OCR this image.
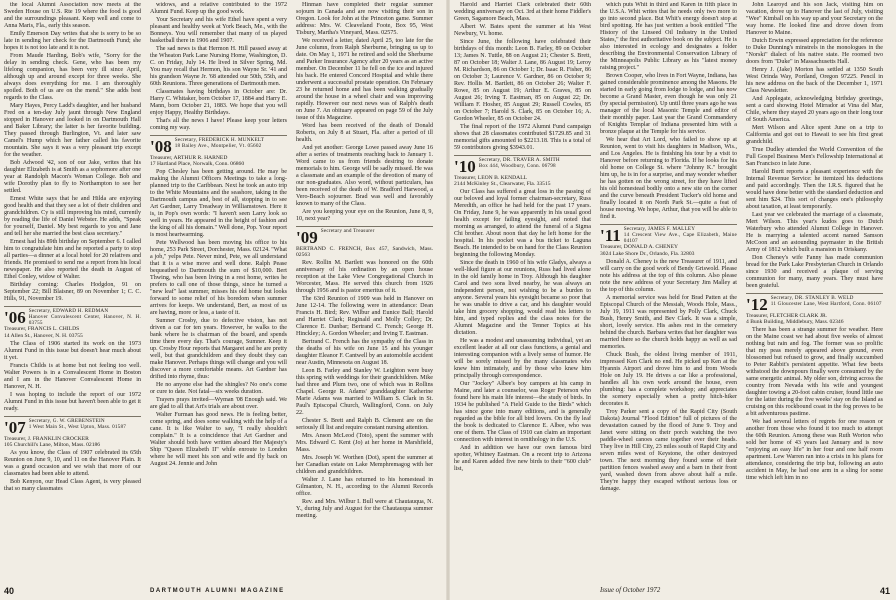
the local Alumni Association now meets at the Sweden House on U.S. Rte 19 where the food is good and the surroundings pleasant. Keep well and come to Anna Maris, Fla., early this season.

Emily Emerson Day writes that she is sorry to be so late in sending her check for the Dartmouth Fund; she hopes it is not too late and it is not.

From Maude Harding, Bob's wife, "Sorry for the delay in sending check. Gene, who has been my lifelong companion, has been very ill since April, although up and around except for three weeks. She always does everything for me. I am thoroughly spoiled. Both of us are on the mend." She adds best regards to the Class.

Mary Hayes, Percy Ladd's daughter, and her husband Fred on a ten-day July jaunt through New England stopped in Hanover and looked in on Dartmouth Hall and Baker Library; the latter is her favorite building. They passed through Burlington, Vt. and later saw Camel's Hump which her father called his favorite mountain. She says it was a very pleasant trip except for the weather.

Bob Adwood '42, son of our Jake, writes that his daughter Elizabeth is at Smith as a sophomore after one year at Randolph Macon's Woman College. Bob and wife Dorothy plan to fly to Northampton to see her settled.

Ernest White says that he and Hilda are enjoying good health and that they see a lot of their children and grandchildren. Cy is still improving his mind, currently by reading the life of Daniel Webster. He adds, "Speak for yourself, Daniel. My best regards to you and Jane and tell her she married the best class secretary."

Ernest had his 89th birthday on September 6. I called him to congratulate him and he reported a party to stop all parties—a dinner at a local hotel for 20 relatives and friends. He promised to send me a report from his local newspaper. He also reported the death in August of Ethel Conley, widow of Walter.

Birthday coming: Charles Hodgdon, 91 on September 22; Bill Blaisner, 89 on November 1; C. C. Hills, 91, November 19.

'06 Secretary, EDWARD H. REDMAN
Hanover Convalescent Center, Hanover, N. H. 03755
Treasurer, FRANCIS L. CHILDS
14 Allen St., Hanover, N. H. 03755

The Class of 1906 started its work on the 1973 Alumni Fund in this issue but doesn't hear much about it yet.

Francis Childs is at home but not feeling too well. Walter Powers is in a Convalescent Home in Boston and I am in the Hanover Convalescent Home in Hanover, N. H.

I was hoping to include the report of our 1972 Alumni Fund in this issue but haven't been able to get it ready.

'07 Secretary, G. W. GREBENSTEIN
1 West Main St., West Upton, Mass. 01587
Treasurer, J. FRANKLIN CROCKER
105 Churchill's Lane, Milton, Mass. 02186

As you know, the Class of 1907 celebrated its 65th Reunion on June 9, 10, and 11 on the Hanover Plain. It was a grand occasion and we wish that more of our classmates had been able to attend.

Bob Kenyon, our Head Class Agent, is very pleased that so many classmates

widows, and a relative contributed to the 1972 Alumni Fund. Keep up the good work.

Your Secretary and his wife Ethel have spent a very pleasant and healthy week at York Beach, Me., with the Bonneys. You will remember that many of us played basketball there in 1906 and 1907.

The sad news is that Hermon H. Hill passed away at the Wheaton Park Lane Nursing Home, Washington, D. C. on Friday, July 14. He lived in Silver Spring, Md. You may recall that Hermon, his son Wayne Sr. '41 and his grandson Wayne Jr. '68 attended our 50th, 55th, and 60th Reunions. Three generations of Dartmouth men.

Classmates having birthdays in October are: Dr. Harry C. Whitaker, born October 17, 1884 and Harry E. Mann, born October 21, 1883. We hope that you will enjoy Happy, Healthy Birthdays.

That's all the news I have! Please keep your letters coming my way.

'08 Secretary, FREDERICK H. MUNKELT
18 Bailey Ave., Montpelier, Vt. 05602
Treasurer, ARTHUR R. HARNED
17 Hartland Place, Norwalk, Conn. 06860

Pop Chesley has been getting around. He may be making the Alumni Officers Meetings to take a long-planned trip to the Caribbean. Next he took an auto trip to the White Mountains and the seashore, taking in the Dartmouth campus and, best of all, stopping in to see Art Gardner, Larry Treadway in Williamstown. Here it is, in Pop's own words: "I haven't seen Larry look so well in years. He appeared in the height of fashion and the king of all his domain." Well done, Pop. Your report is most heartwarming.

Pete Wellwood has been moving his office to his home, 253 Park Street, Dorchester, Mass. 02124. "What a job," yelps Pete. Never mind, Pete, we all understand that it is a wise move and well done. Ralph Pease bequeathed to Dartmouth the sum of $10,000. Bert Thwing, who has been living in a rest home, writes he prefers to call one of those things, since he turned a "new leaf" last summer, misses his old home but looks forward to some relief of his boredom when summer arrives for keeps. We understand, Bert, as most of us are having, more or less, a taste of it.

Sumner Crosby, due to defective vision, has not driven a car for ten years. However, he walks to the bank where he is chairman of the board, and spends time there every day. That's courage, Sumner. Keep it up. Crosby Hour reports that Margaret and he are pretty well, but that grandchildren and they doubt they can make Hanover. Perhaps things will change and you will discover a more comfortable means. Art Gardner has drifted into rhyme, thus:

He no anyone else had the shingles? No one's come or cure to date. Not fatal—six weeks duration.

Trayers prays invited—Wyman '08 Enough said. We are glad to all that Art's trials are about over.

Walter Furman has good news. He is feeling better, come spring, and does some walking with the help of a cane. It is like Walter to say, "I really shouldn't complain." It is a coincidence that Art Gardner and Walter should both have written aboard Her Majesty's Ship "Queen Elizabeth II" while enroute to London where he will meet his son and wife and fly back on August 24. Jennie and John

Hinman have completed their regular summer sojourn in Canada and are now visiting their son in Oregon. Look for John at the Princeton game. Summer address: Mrs. W. Cleaveland Foote, Box 95, West Tisbury, Martha's Vineyard, Mass. 02575.

We received a letter, dated April 25, too late for the June column, from Ralph Sherburne, bringing us up to date. On May 1, 1971 he retired and sold the Sherburne and Parker Insurance Agency after 20 years as an active member. On December 11 he fell on the ice and injured his back. He entered Concord Hospital and while there underwent a successful prostate operation. On February 23 he returned home and has been walking gradually around the house in a wheel chair and was improving rapidly. However our next news was of Ralph's death on June 7. An obituary appeared on page 59 of the July issue of this Magazine.

Word has been received of the death of Donald Roberts, on July 8 at Stuart, Fla. after a period of ill health.

And yet another: George Lowe passed away June 16 after a series of treatments reaching back to January 1. Word came to us from friends desiring to donate memorials to him. George will be sadly missed. He was a classmate and an example of the devotion of many of our non-graduates. Also word, without particulars, has been received of the death of W. Bradford Harwood, a Vero-Beach sojourner. Brad was well and favorably known to many of the Class.

Are you keeping your eye on the Reunion, June 8, 9, 10, next year?

'09 Secretary and Treasurer
BERTRAND C. FRENCH, Box 457, Sandwich, Mass. 02563

Rev. Rollin M. Bartlett was honored on the 60th anniversary of his ordination by an open house reception at the Lake View Congregational Church in Worcester, Mass. He served this church from 1926 through 1956 and is pastor emeritus of it.

The 63rd Reunion of 1909 was held in Hanover on June 12-14. The following were in attendance: Dean Francis H. Bird; Rev. Wilbur and Eunice Ball; Harold and Harriet Clark; Reginald and Molly Colley; Dr. Clarence E. Dunbar; Bertrand C. French; George H. Hinckley; A. Gordon Wheeler; and Irving T. Eastman.

Bertrand C. French has the sympathy of the Class in the deaths of his wife on June 15 and his younger daughter Eleanor F. Cantwell by an automobile accident near Austin, Minnesota on August 18.

Leon B. Farley and Stanley W. Leighton were busy this spring with weddings for their grandchildren. Mike had three and Plum two, one of which was in Rollins Chapel. George R. Adams' granddaughter Katherine Marie Adams was married to William S. Clark in St. Paul's Episcopal Church, Wallingford, Conn. on July 22.

Chester S. Brett and Ralph B. Clement are on the seriously ill list and require constant nursing attention.

Mrs. Anson McLeod (Toto), spent the summer with Mrs. Edward C. Kent (Jo) at her home in Marshfield, Mass.

Mrs. Joseph W. Worthen (Dot), spent the summer at her Canadian estate on Lake Memphremagog with her children and grandchildren.

Walter J. Lane has returned to his homestead in Gilmanton, N. H., according to the Alumni Records office.

Rev. and Mrs. Wilbur I. Bull were at Chautauqua, N. Y., during July and August for the Chautauqua summer meeting.

40	DARTMOUTH ALUMNI MAGAZINE

Harold and Harriet Clark celebrated their 60th wedding anniversary on Oct. 3rd at their home Fiddler's Green, Sagamore Beach, Mass.

Albert W. Bates spent the summer at his West Newbury, Vt. home.

Since June, the following have celebrated their birthdays of this month: Leon B. Farley, 89 on October 13; James N. Tuttle, 88 on August 21; Chester S. Brett, 87 on October 18; Walter J. Lane, 86 August 19; Leroy M. Richardson, 86 on October 1; Dr. Isaac R. Fisher, 86 on October 3; Laurence V. Gardner, 86 on October 9; Rev. Hollis M. Bartlett, 86 on October 26; Walter F. Rowe, 85 on August 19; Arthur E. Graves, 85 on August 26; Irving T. Eastman, 85 on August 22; Dr. William F. Hosher, 85 August 29; Russell Cowles, 85 on October 7; Harold S. Clark, 85 on October 16; A. Gordon Wheeler, 85 on October 24.

The final report of the 1972 Alumni Fund campaign shows that 28 classmates contributed $1729.85 and 31 memorial gifts amounted to $2213.18. This is a total of 59 contributors giving $3943.01.

'10 Secretary, DR. TRAVER A. SMITH
Box 444, Woodbury, Conn. 06798
Treasurer, LEON B. KENDALL
2144 McKinley St., Clearwater, Fla. 33515

Our Class has suffered a great loss in the passing of our beloved and loyal former chairman-secretary, Russ Meredith, an office he had held for the past 17 years. On Friday, June 9, he was apparently in his usual good health except for failing eyesight, and noted that morning as arranged, to attend the funeral of a Sigma Chi brother. About noon that day he left home for the hospital. In his pocket was a bus ticket to Laguna Beach. He intended to be on hand for the Class Reunion beginning the following Monday.

Since the death in 1960 of his wife Gladys, always a well-liked figure at our reunions, Russ had lived alone in the old family home in Troy. Although his daughter Carol and two sons lived nearby, he was always an independent person, not wishing to be a burden to anyone. Several years his eyesight became so poor that he was unable to drive a car, and his daughter would take him grocery shopping, would read his letters to him, and typed replies and the class notes for the Alumni Magazine and the Tenner Topics at his dictation.

He was a modest and unassuming individual, yet an excellent leader at all our class functions, a genial and interesting companion with a lively sense of humor. He will be sorely missed by the many classmates who knew him intimately, and by those who knew him principally through correspondence.

Our "Jockey" Albee's boy campers at his camp in Maine, and later a counselor, was Roger Peterson who found here his main life interest—the study of birds. In 1934 he published "A Field Guide to the Birds" which has since gone into many editions, and is generally regarded as the bible for all bird lovers. On the fly leaf the book is dedicated to Clarence E. Albee, who was one of them. The Class of 1910 can claim an important connection with interest in ornithology in the U.S.

And in addition we have our own famous bird spotter, Whitney Eastman. On a recent trip to Arizona he and Karen added five new birds to their "600 club" list,

which puts Whit in third and Karen in fifth place in the U.S.A. Whit writes that he needs only two more to go into second place. But Whit's energy doesn't stop at bird spotting. He has just written a book entitled "The History of the Linseed Oil Industry in the United States," the first authoritative book on the subject. He is also interested in ecology and designates a folder describing the Environmental Conservation Library of the Minneapolis Public Library as his "latest money raising project."

Brown Cooper, who lives in Fort Wayne, Indiana, has gained considerable prominence among the Masons. He started in early going from lodge to lodge, and has now become a Grand Master, even though he was only 21 (by special permission). Up until three years ago he was manager of the local Masonic Temple and editor of their monthly paper. Last year the Grand Commandery of Knights Templar of Indiana presented him with a bronze plaque at the Temple for his service.

We hear that Art Lord, who failed to show up at Reunion, went to visit his daughters in Madison, Wis., and Los Angeles. He is finishing his tour by a visit to Hanover before returning to Florida. If he looks for his old home on College St. where "Johnny K." brought him up, he is in for a surprise, and may wonder whether he has gotten on the wrong street, for they have lifted his old homestead bodily onto a new site on the corner and the curve beneath President Tucker's old home and finally located it on North Park St.—quite a feat of house moving. We hope, Arthur, that you will be able to find it.

'11 Secretary, JAMES F. MALLEY
14 Crescent View Ave., Cape Elizabeth, Maine 04107
Treasurer, DONALD A. CHENEY
3024 Lake Shore Dr., Orlando, Fla. 32803

Donald A. Cheney is the new Treasurer of 1911, and will carry on the good work of Bendy Griswold. Please note his address at the top of this column. Also please note the new address of your Secretary Jim Malley at the top of this column.

A memorial service was held for Brad Patten at the Episcopal Church of the Messiah, Woods Hole, Mass., July 19, 1911 was represented by Polly Clark, Chuck Bush, Henry Smith, and Bev Clark. It was a simple, short, lovely service. His ashes rest in the cemetery behind the church. Barbara writes that her daughter was married there so the church holds happy as well as sad memories.

Chuck Bush, the oldest living member of 1911, impressed Ken Clark no end. He picked up Ken at the Hyannis Airport and drove him to and from Woods Hole on July 19. He drives a car like a professional, handles all his own work around the house, even plumbing: has a complete workshop; and appreciates the scenery especially when a pretty hitch-hiker decorates it.

Troy Parker sent a copy of the Rapid City (South Dakota) Journal "Flood Edition" full of pictures of the devastation caused by the flood of June 9. Troy and Janet were sitting on their porch watching the two paddle-wheel canoes came together over their heads. They live in Hill City, 23 miles south of Rapid City and seven miles west of Keystone, the other destroyed town. The next morning they found some of their partition fences washed away and a barn in their front yard, washed down from above about half a mile. They're happy they escaped without serious loss or damage.

John Learoyd and his son Jack, visiting him on vacation, drove up to Hanover the last of July, visiting "Wee" Kimball on his way up and your Secretary on the way home. He looked fine and drove down from Hanover to Maine.

Dutch Erwin expressed appreciation for the reference to Duke Dunning's minstrels in the monologues in the "Norski" dialect of his native state. He roomed two doors from "Duke" in Massachusetts Hall.

Henry J. (Jake) Morton has settled at 1350 South West Orinda Way, Portland, Oregon 97225. Pencil in his new address on the back of the December 1, 1971 Class Newsletter.

And Applegate, acknowledging birthday greetings, sent a card showing Hotel Mirrador at Vina del Mar, Chile, where they stayed 20 years ago on their long tour of South America.

Mert Wilson and Alice spent June on a trip to California and got out to Hawaii to see his first great grandchild.

True Dudley attended the World Convention of the Full Gospel Business Men's Fellowship International at San Francisco in late June.

Harold Burtt reports a pleasant experience with the Internal Revenue Service: he itemized his deductions and paid accordingly. Then the I.R.S. figured that he would have done better with the standard deduction and sent him $24. This sort of changes one's philosophy about taxation, at least temporarily.

Last year we celebrated the marriage of a classmate, Mert Wilson. This year's kudos goes to Dutch Waterbury who attended Alumni College in Hanover. He is marrying a talented accent named Samson McCoon and an astounding paymaster in the British Army of 1812 which built a mansion in Oriskany.

Don Cheney's wife Fanny has made communion bread for the Park Lake Presbyterian Church in Orlando since 1930 and received a plaque of serving communion for many, many years. They must have been grateful.

'12 Secretary, DR. STANLEY B. WELD
11 Gloucester Lane, West Hartford, Conn. 06107
Treasurer, FLETCHER CLARK JR.
4 Bunk Building, Middlebury, Mass. 02346

There has been a strange summer for weather. Here on the Maine coast we had about five weeks of almost nothing but rain and fog. The former was so prolific that my peas merely appeared above ground, even blossomed but refused to grow, and finally succumbed to Peter Rabbit's persistent appetite. What few beets withstood the downpours finally were consumed by the same energetic animal. My older son, driving across the country from Nevada with his wife and youngest daughter towing a 20-foot cabin cruiser, found little use for the latter during the five weeks' stay on the Island as cruising on this rockbound coast in the fog proves to be a bit adventurous pastime.

We had several letters of regrets for one reason or another from those who found it too much to attempt the 60th Reunion. Among these was Ruth Worton who sold her home of 43 years last January and is now "enjoying an easy life" in her four and one half room apartment. Lew Warren ran into a crisis in his plans for attendance, considering the trip but, following an auto accident in May, he had one arm in a sling for some time which left him in no

Issue of October 1972	41
